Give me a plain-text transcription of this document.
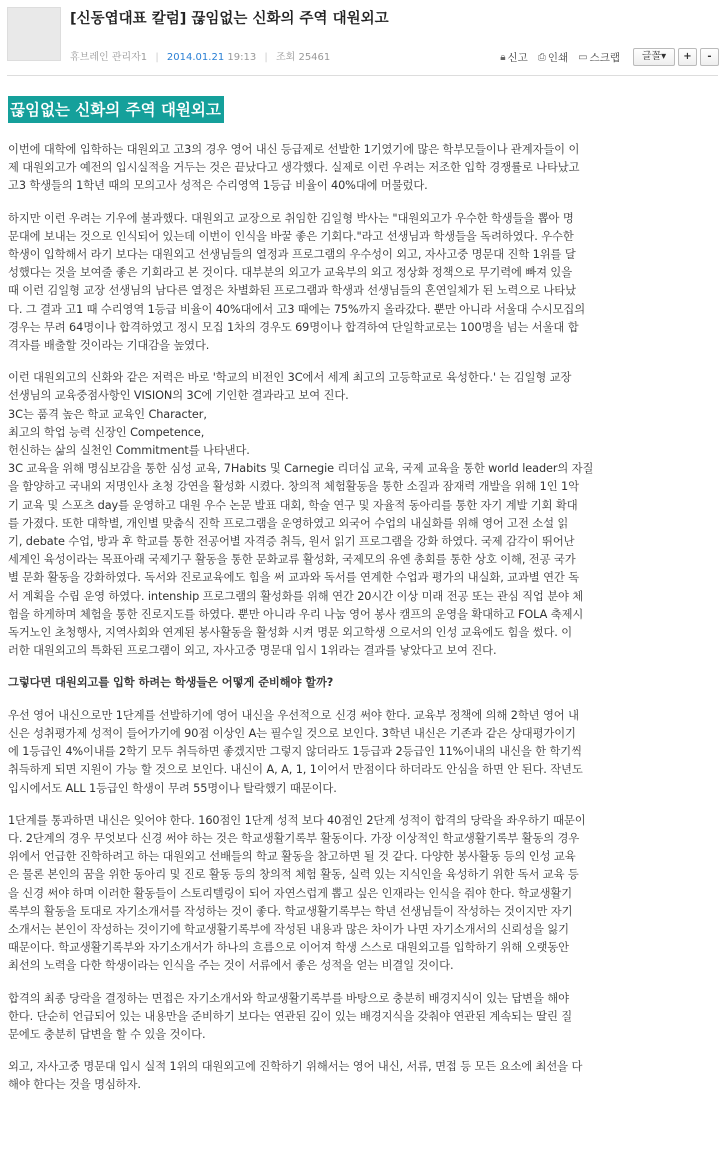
[신동엽대표 칼럼] 끊임없는 신화의 주역 대원외고
휴브레인 관리자1 | 2014.01.21 19:13 | 조회 25461	🔒︎ 신고 ⎙ 인쇄 ▭ 스크랩	글꼴▾	+	-
끊임없는 신화의 주역 대원외고
이번에 대학에 입학하는 대원외고 고3의 경우 영어 내신 등급제로 선발한 1기였기에 많은 학부모들이나 관계자들이 이
제 대원외고가 예전의 입시실적을 거두는 것은 끝났다고 생각했다. 실제로 이런 우려는 저조한 입학 경쟁률로 나타났고
고3 학생들의 1학년 때의 모의고사 성적은 수리영역 1등급 비율이 40%대에 머물렀다.
하지만 이런 우려는 기우에 불과했다. 대원외고 교장으로 취임한 김일형 박사는 "대원외고가 우수한 학생들을 뽑아 명
문대에 보내는 것으로 인식되어 있는데 이번이 인식을 바꿀 좋은 기회다."라고 선생님과 학생들을 독려하였다. 우수한
학생이 입학해서 라기 보다는 대원외고 선생님들의 열정과 프로그램의 우수성이 외고, 자사고중 명문대 진학 1위를 달
성했다는 것을 보여줄 좋은 기회라고 본 것이다. 대부분의 외고가 교육부의 외고 정상화 정책으로 무기력에 빠져 있을
때 이런 김일형 교장 선생님의 남다른 열정은 차별화된 프로그램과 학생과 선생님들의 혼연일체가 된 노력으로 나타났
다. 그 결과 고1 때 수리영역 1등급 비율이 40%대에서 고3 때에는 75%까지 올라갔다. 뿐만 아니라 서울대 수시모집의
경우는 무려 64명이나 합격하였고 정시 모집 1차의 경우도 69명이나 합격하여 단일학교로는 100명을 넘는 서울대 합
격자를 배출할 것이라는 기대감을 높였다.
이런 대원외고의 신화와 같은 저력은 바로 '학교의 비전인 3C에서 세계 최고의 고등학교로 육성한다.' 는 김일형 교장
선생님의 교육중점사항인 VISION의 3C에 기인한 결과라고 보여 진다.
3C는 품격 높은 학교 교육인 Character,
최고의 학업 능력 신장인 Competence,
헌신하는 삶의 실천인 Commitment를 나타낸다.
3C 교육을 위해 명심보감을 통한 심성 교육, 7Habits 및 Carnegie 리더십 교육, 국제 교육을 통한 world leader의 자질
을 함양하고 국내외 저명인사 초청 강연을 활성화 시켰다. 창의적 체험활동을 통한 소질과 잠재력 개발을 위해 1인 1악
기 교육 및 스포츠 day를 운영하고 대원 우수 논문 발표 대회, 학술 연구 및 자율적 동아리를 통한 자기 계발 기회 확대
를 가졌다. 또한 대학별, 개인별 맞춤식 진학 프로그램을 운영하였고 외국어 수업의 내실화를 위해 영어 고전 소설 읽
기, debate 수업, 방과 후 학교를 통한 전공어별 자격증 취득, 원서 읽기 프로그램을 강화 하였다. 국제 감각이 뛰어난
세계인 육성이라는 목표아래 국제기구 활동을 통한 문화교류 활성화, 국제모의 유엔 총회를 통한 상호 이해, 전공 국가
별 문화 활동을 강화하였다. 독서와 진로교육에도 힘을 써 교과와 독서를 연계한 수업과 평가의 내실화, 교과별 연간 독
서 계획을 수립 운영 하였다. intenship 프로그램의 활성화를 위해 연간 20시간 이상 미래 전공 또는 관심 직업 분야 체
험을 하게하며 체험을 통한 진로지도를 하였다. 뿐만 아니라 우리 나눔 영어 봉사 캠프의 운영을 확대하고 FOLA 축제시
독거노인 초청행사, 지역사회와 연계된 봉사활동을 활성화 시켜 명문 외고학생 으로서의 인성 교육에도 힘을 썼다. 이
러한 대원외고의 특화된 프로그램이 외고, 자사고중 명문대 입시 1위라는 결과를 낳았다고 보여 진다.
그렇다면 대원외고를 입학 하려는 학생들은 어떻게 준비해야 할까?
우선 영어 내신으로만 1단계를 선발하기에 영어 내신을 우선적으로 신경 써야 한다. 교육부 정책에 의해 2학년 영어 내
신은 성취평가제 성적이 들어가기에 90점 이상인 A는 필수일 것으로 보인다. 3학년 내신은 기존과 같은 상대평가이기
에 1등급인 4%이내를 2학기 모두 취득하면 좋겠지만 그렇지 않더라도 1등급과 2등급인 11%이내의 내신을 한 학기씩
취득하게 되면 지원이 가능 할 것으로 보인다. 내신이 A, A, 1, 1이어서 만점이다 하더라도 안심을 하면 안 된다. 작년도
입시에서도 ALL 1등급인 학생이 무려 55명이나 탈락했기 때문이다.
1단계를 통과하면 내신은 잊어야 한다. 160점인 1단계 성적 보다 40점인 2단계 성적이 합격의 당락을 좌우하기 때문이
다. 2단계의 경우 무엇보다 신경 써야 하는 것은 학교생활기록부 활동이다. 가장 이상적인 학교생활기록부 활동의 경우
위에서 언급한 진학하려고 하는 대원외고 선배들의 학교 활동을 참고하면 될 것 같다. 다양한 봉사활동 등의 인성 교육
은 물론 본인의 꿈을 위한 동아리 및 진로 활동 등의 창의적 체험 활동, 실력 있는 지식인을 육성하기 위한 독서 교육 등
을 신경 써야 하며 이러한 활동들이 스토리텔링이 되어 자연스럽게 뽑고 싶은 인재라는 인식을 줘야 한다. 학교생활기
록부의 활동을 토대로 자기소개서를 작성하는 것이 좋다. 학교생활기록부는 학년 선생님들이 작성하는 것이지만 자기
소개서는 본인이 작성하는 것이기에 학교생활기록부에 작성된 내용과 많은 차이가 나면 자기소개서의 신뢰성을 잃기
때문이다. 학교생활기록부와 자기소개서가 하나의 흐름으로 이어져 학생 스스로 대원외고를 입학하기 위해 오랫동안
최선의 노력을 다한 학생이라는 인식을 주는 것이 서류에서 좋은 성적을 얻는 비결일 것이다.
합격의 최종 당락을 결정하는 면접은 자기소개서와 학교생활기록부를 바탕으로 충분히 배경지식이 있는 답변을 해야
한다. 단순히 언급되어 있는 내용만을 준비하기 보다는 연관된 깊이 있는 배경지식을 갖춰야 연관된 계속되는 딸린 질
문에도 충분히 답변을 할 수 있을 것이다.
외고, 자사고중 명문대 입시 실적 1위의 대원외고에 진학하기 위해서는 영어 내신, 서류, 면접 등 모든 요소에 최선을 다
해야 한다는 것을 명심하자.
